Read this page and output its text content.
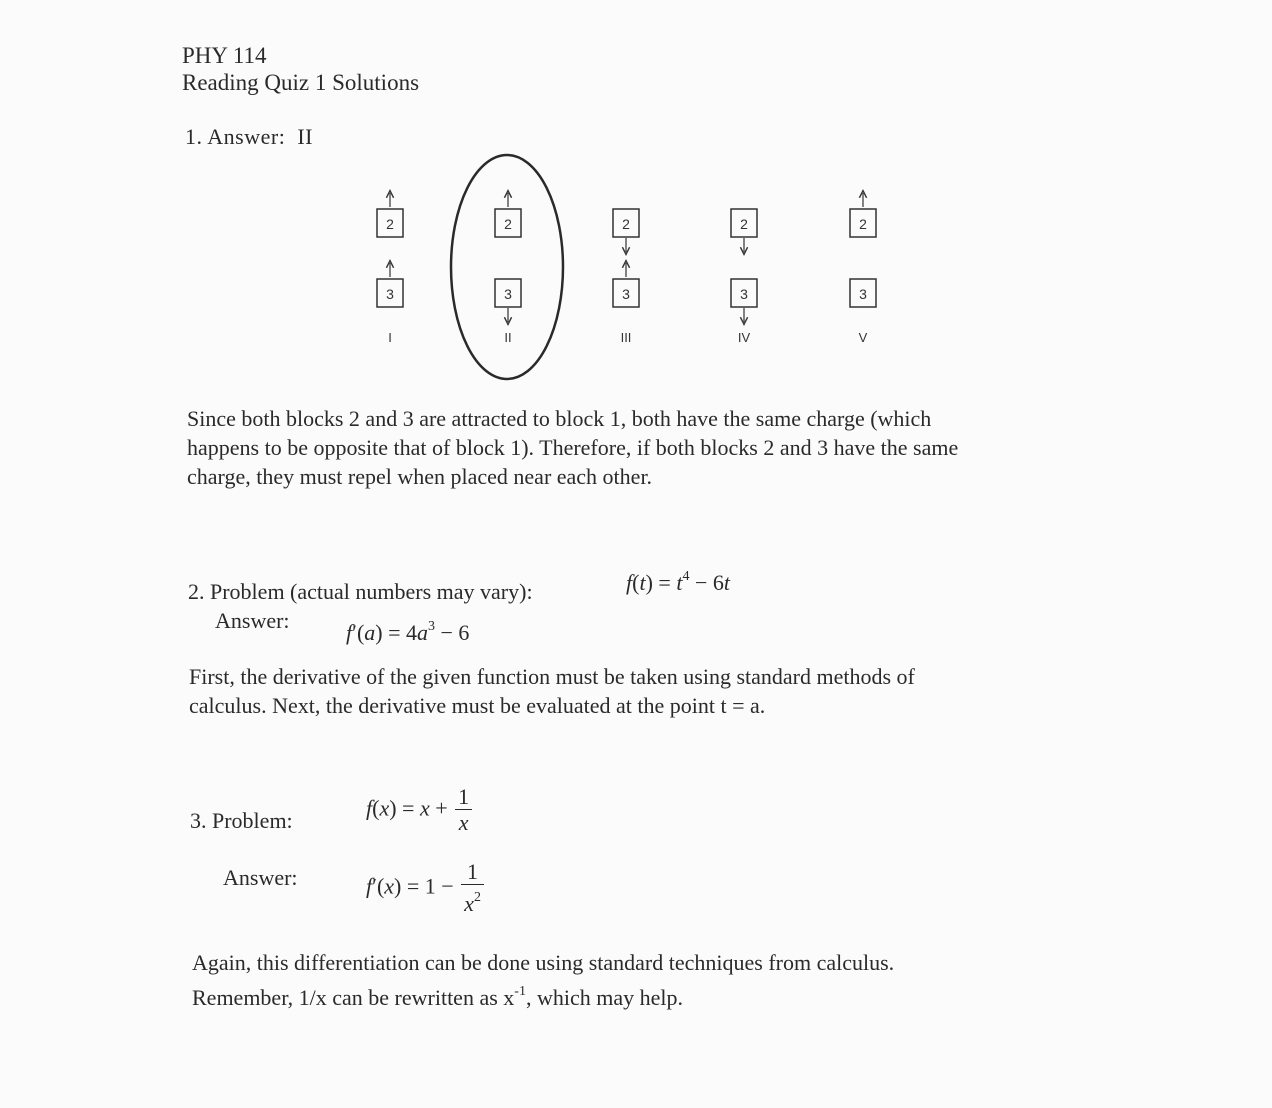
PHY 114
Reading Quiz 1 Solutions
1. Answer: II
2
3
I
2
3
II
2
3
III
2
3
IV
2
3
V
Since both blocks 2 and 3 are attracted to block 1, both have the same charge (which
happens to be opposite that of block 1). Therefore, if both blocks 2 and 3 have the same
charge, they must repel when placed near each other.
2. Problem (actual numbers may vary):	$f(t) = t^4 - 6t$
Answer:	$f'(a) = 4a^3 - 6$
First, the derivative of the given function must be taken using standard methods of
calculus. Next, the derivative must be evaluated at the point t = a.
3. Problem:	$f(x) = x + \frac{1}{x}$
Answer:	$f'(x) = 1 - \frac{1}{x^2}$
Again, this differentiation can be done using standard techniques from calculus.
Remember, 1/x can be rewritten as $x^{-1}$, which may help.
